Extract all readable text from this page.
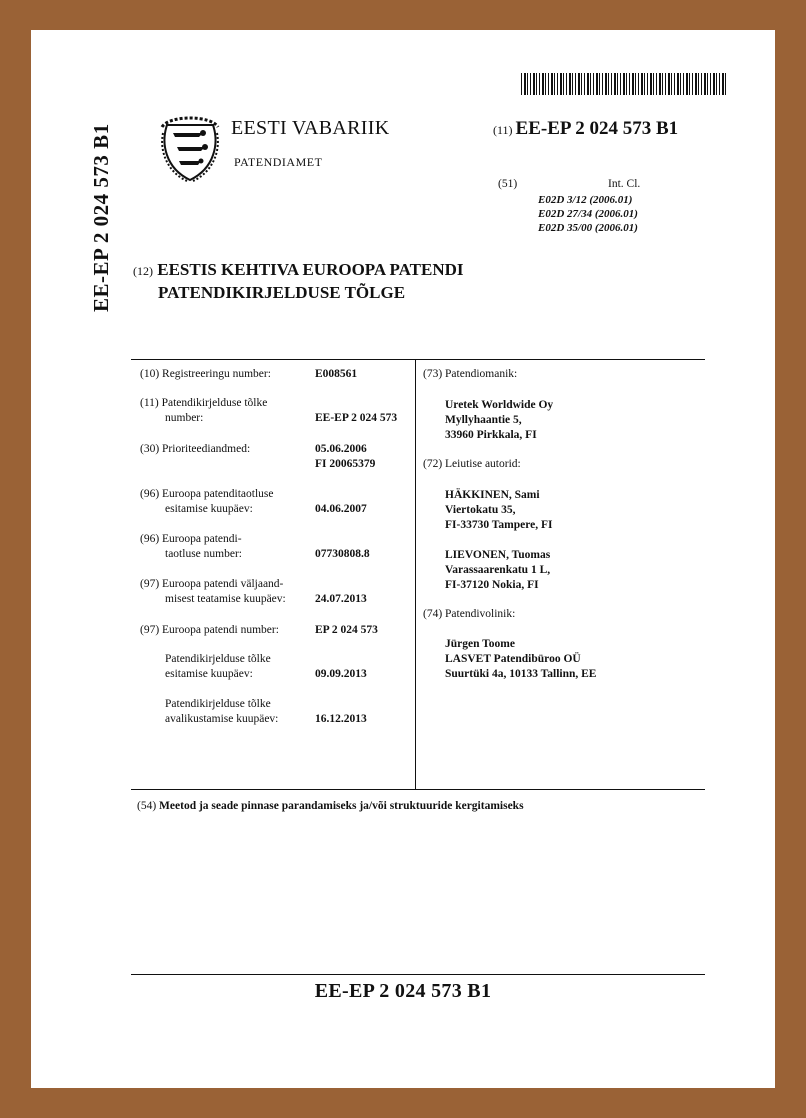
EE-EP 2 024 573 B1	EESTI VABARIIK
PATENDIAMET
(11) EE-EP 2 024 573 B1
(51)	Int. Cl.
E02D 3/12 (2006.01)
E02D 27/34 (2006.01)
E02D 35/00 (2006.01)
(12) EESTIS KEHTIVA EUROOPA PATENDI
PATENDIKIRJELDUSE TÕLGE
(10) Registreeringu number:	E008561
(11) Patendikirjelduse tõlke
number:	EE-EP 2 024 573
(30) Prioriteediandmed:	05.06.2006
FI 20065379
(96) Euroopa patenditaotluse
esitamise kuupäev:	04.06.2007
(96) Euroopa patendi-
taotluse number:	07730808.8
(97) Euroopa patendi väljaand-
misest teatamise kuupäev:	24.07.2013
(97) Euroopa patendi number:	EP 2 024 573
Patendikirjelduse tõlke
esitamise kuupäev:	09.09.2013
Patendikirjelduse tõlke
avalikustamise kuupäev:	16.12.2013
(73) Patendiomanik:
Uretek Worldwide Oy
Myllyhaantie 5,
33960 Pirkkala, FI
(72) Leiutise autorid:
HÄKKINEN, Sami
Viertokatu 35,
FI-33730 Tampere, FI
LIEVONEN, Tuomas
Varassaarenkatu 1 L,
FI-37120 Nokia, FI
(74) Patendivolinik:
Jürgen Toome
LASVET Patendibüroo OÜ
Suurtüki 4a, 10133 Tallinn, EE
(54) Meetod ja seade pinnase parandamiseks ja/või struktuuride kergitamiseks
EE-EP 2 024 573 B1
